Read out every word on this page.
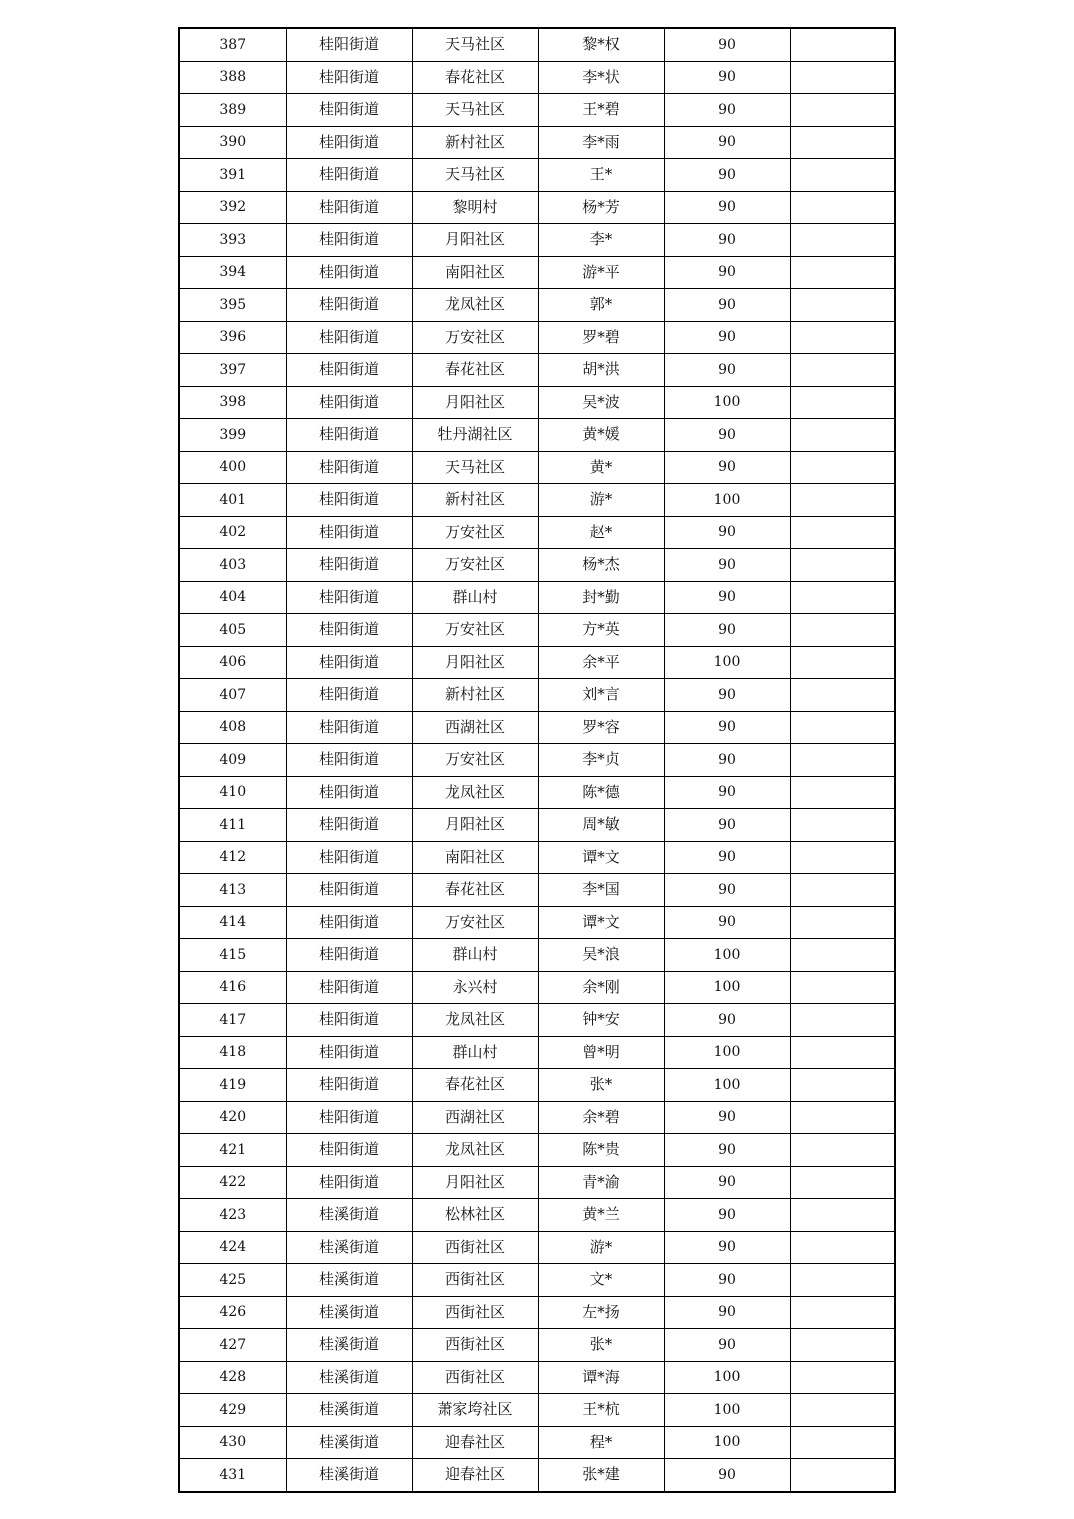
387	桂阳街道	天马社区	黎*权	90	
388	桂阳街道	春花社区	李*状	90	
389	桂阳街道	天马社区	王*碧	90	
390	桂阳街道	新村社区	李*雨	90	
391	桂阳街道	天马社区	王*	90	
392	桂阳街道	黎明村	杨*芳	90	
393	桂阳街道	月阳社区	李*	90	
394	桂阳街道	南阳社区	游*平	90	
395	桂阳街道	龙凤社区	郭*	90	
396	桂阳街道	万安社区	罗*碧	90	
397	桂阳街道	春花社区	胡*洪	90	
398	桂阳街道	月阳社区	吴*波	100	
399	桂阳街道	牡丹湖社区	黄*媛	90	
400	桂阳街道	天马社区	黄*	90	
401	桂阳街道	新村社区	游*	100	
402	桂阳街道	万安社区	赵*	90	
403	桂阳街道	万安社区	杨*杰	90	
404	桂阳街道	群山村	封*勤	90	
405	桂阳街道	万安社区	方*英	90	
406	桂阳街道	月阳社区	余*平	100	
407	桂阳街道	新村社区	刘*言	90	
408	桂阳街道	西湖社区	罗*容	90	
409	桂阳街道	万安社区	李*贞	90	
410	桂阳街道	龙凤社区	陈*德	90	
411	桂阳街道	月阳社区	周*敏	90	
412	桂阳街道	南阳社区	谭*文	90	
413	桂阳街道	春花社区	李*国	90	
414	桂阳街道	万安社区	谭*文	90	
415	桂阳街道	群山村	吴*浪	100	
416	桂阳街道	永兴村	余*刚	100	
417	桂阳街道	龙凤社区	钟*安	90	
418	桂阳街道	群山村	曾*明	100	
419	桂阳街道	春花社区	张*	100	
420	桂阳街道	西湖社区	余*碧	90	
421	桂阳街道	龙凤社区	陈*贵	90	
422	桂阳街道	月阳社区	青*渝	90	
423	桂溪街道	松林社区	黄*兰	90	
424	桂溪街道	西街社区	游*	90	
425	桂溪街道	西街社区	文*	90	
426	桂溪街道	西街社区	左*扬	90	
427	桂溪街道	西街社区	张*	90	
428	桂溪街道	西街社区	谭*海	100	
429	桂溪街道	萧家垮社区	王*杭	100	
430	桂溪街道	迎春社区	程*	100	
431	桂溪街道	迎春社区	张*建	90	
